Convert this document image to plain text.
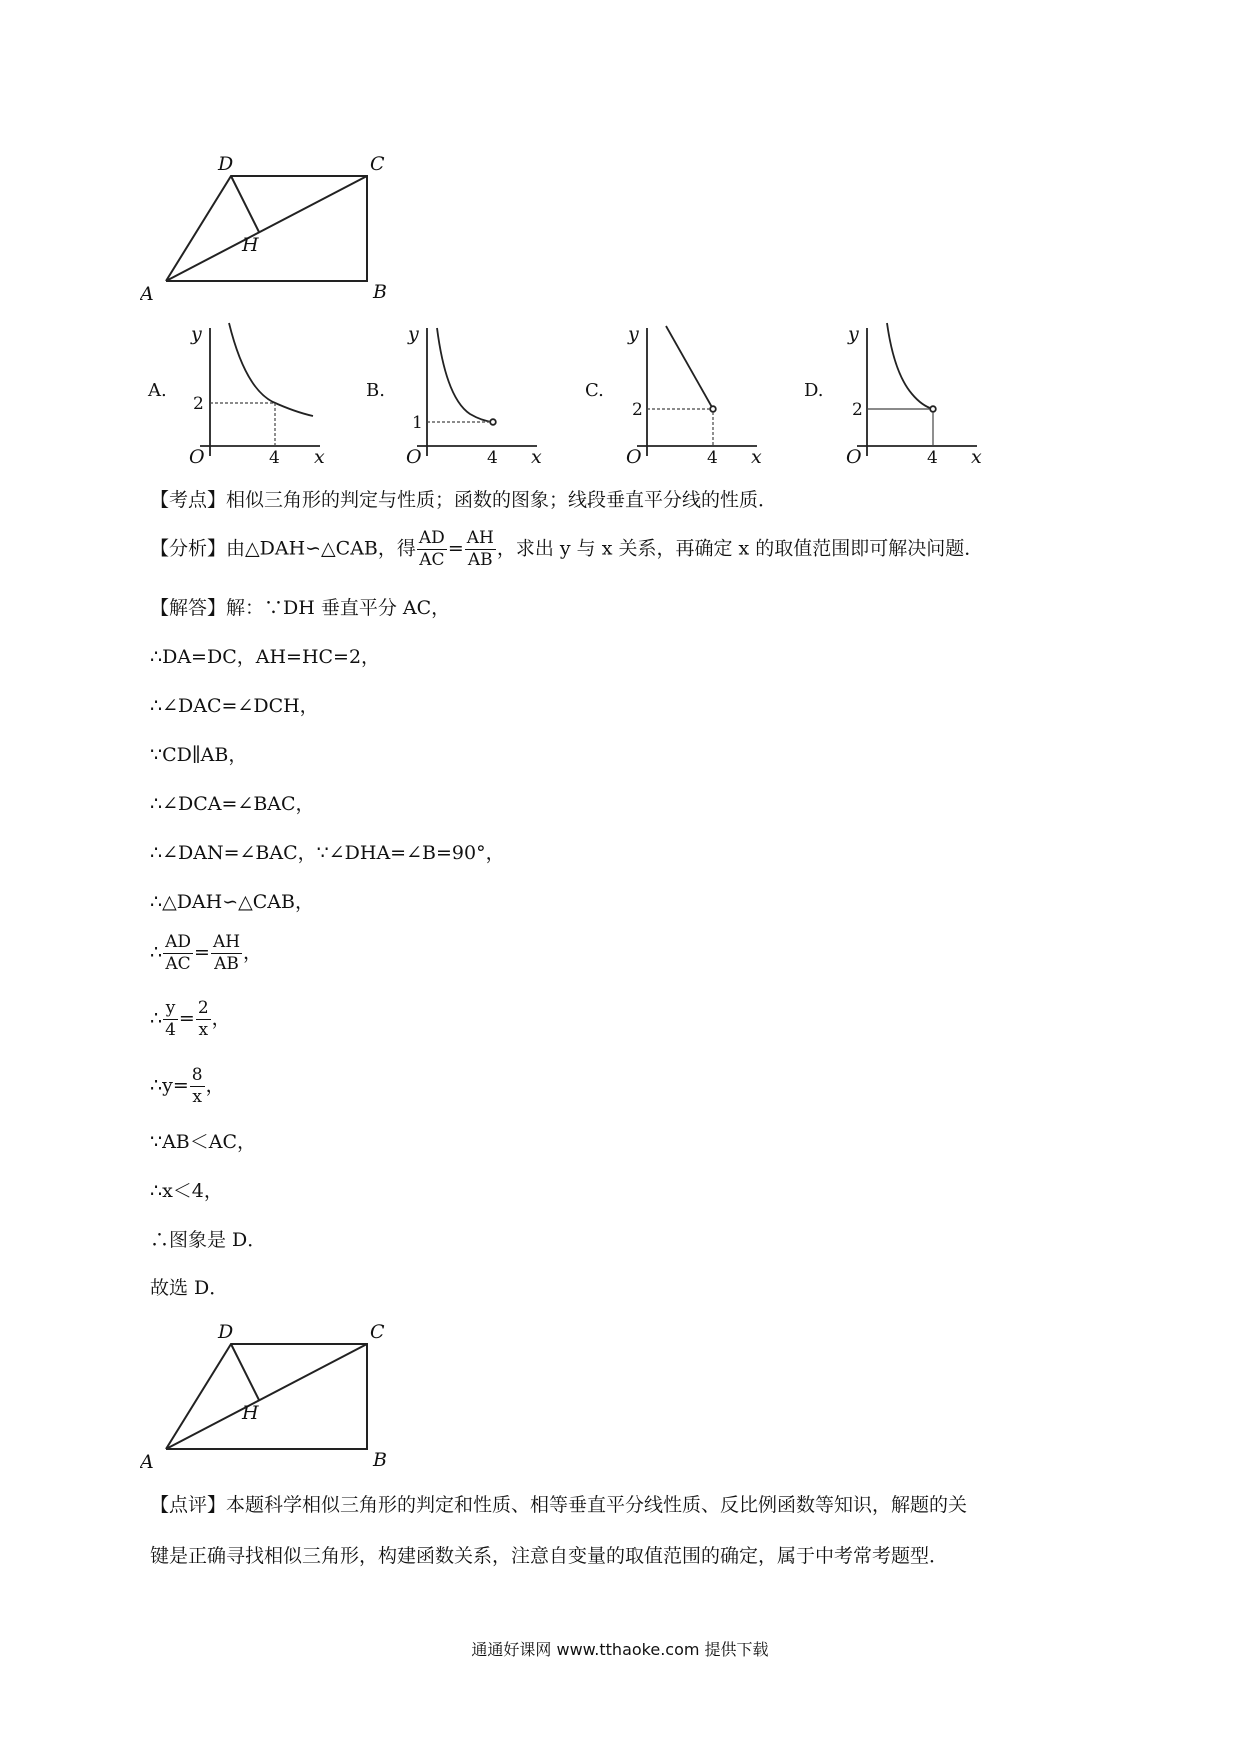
D	C
H
A	B
A.
y
O	x
2
4
B.
y
O	x
1
4
C.
y
O	x
2
4
D.
y
O	x
2
4
【考点】相似三角形的判定与性质；函数的图象；线段垂直平分线的性质．
【分析】由△DAH∽△CAB，得 $\frac{AD}{AC} = \frac{AH}{AB}$ ，求出 y 与 x 关系，再确定 x 的取值范围即可解决问题．
【解答】解：∵DH 垂直平分 AC，
∴DA=DC，AH=HC=2，
∴∠DAC=∠DCH，
∵CD∥AB，
∴∠DCA=∠BAC，
∴∠DAN=∠BAC，∵∠DHA=∠B=90°，
∴△DAH∽△CAB，
∴ $\frac{AD}{AC} = \frac{AH}{AB}$ ，
∴ $\frac{y}{4} = \frac{2}{x}$ ，
∴y= $\frac{8}{x}$ ，
∵AB＜AC，
∴x＜4，
∴图象是 D．
故选 D．
D	C
H
A	B
【点评】本题科学相似三角形的判定和性质、相等垂直平分线性质、反比例函数等知识，解题的关
键是正确寻找相似三角形，构建函数关系，注意自变量的取值范围的确定，属于中考常考题型．
通通好课网 www.tthaoke.com 提供下载
